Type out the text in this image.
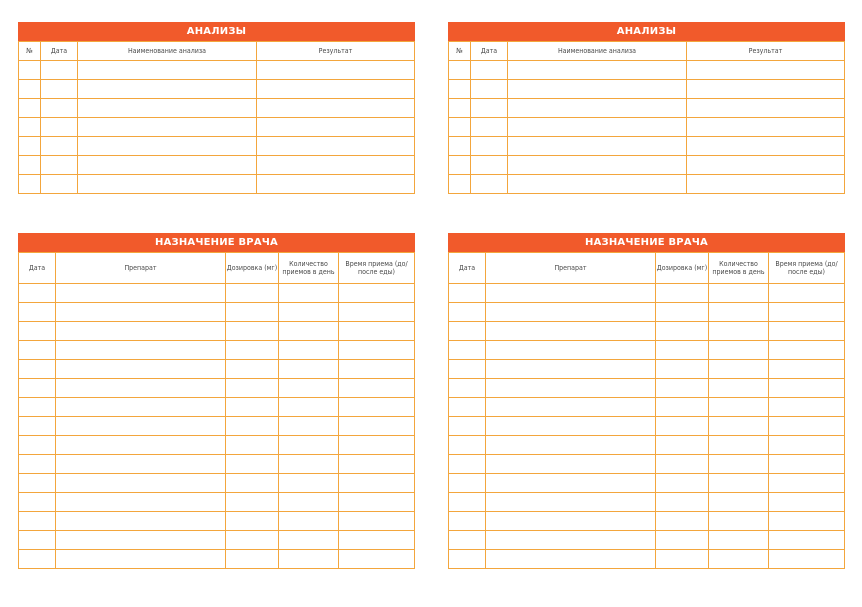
АНАЛИЗЫ
№	Дата	Наименование анализа	Результат

НАЗНАЧЕНИЕ ВРАЧА
Дата	Препарат	Дозировка (мг)	Количество приемов в день	Время приема (до/после еды)

АНАЛИЗЫ
№	Дата	Наименование анализа	Результат

НАЗНАЧЕНИЕ ВРАЧА
Дата	Препарат	Дозировка (мг)	Количество приемов в день	Время приема (до/после еды)
